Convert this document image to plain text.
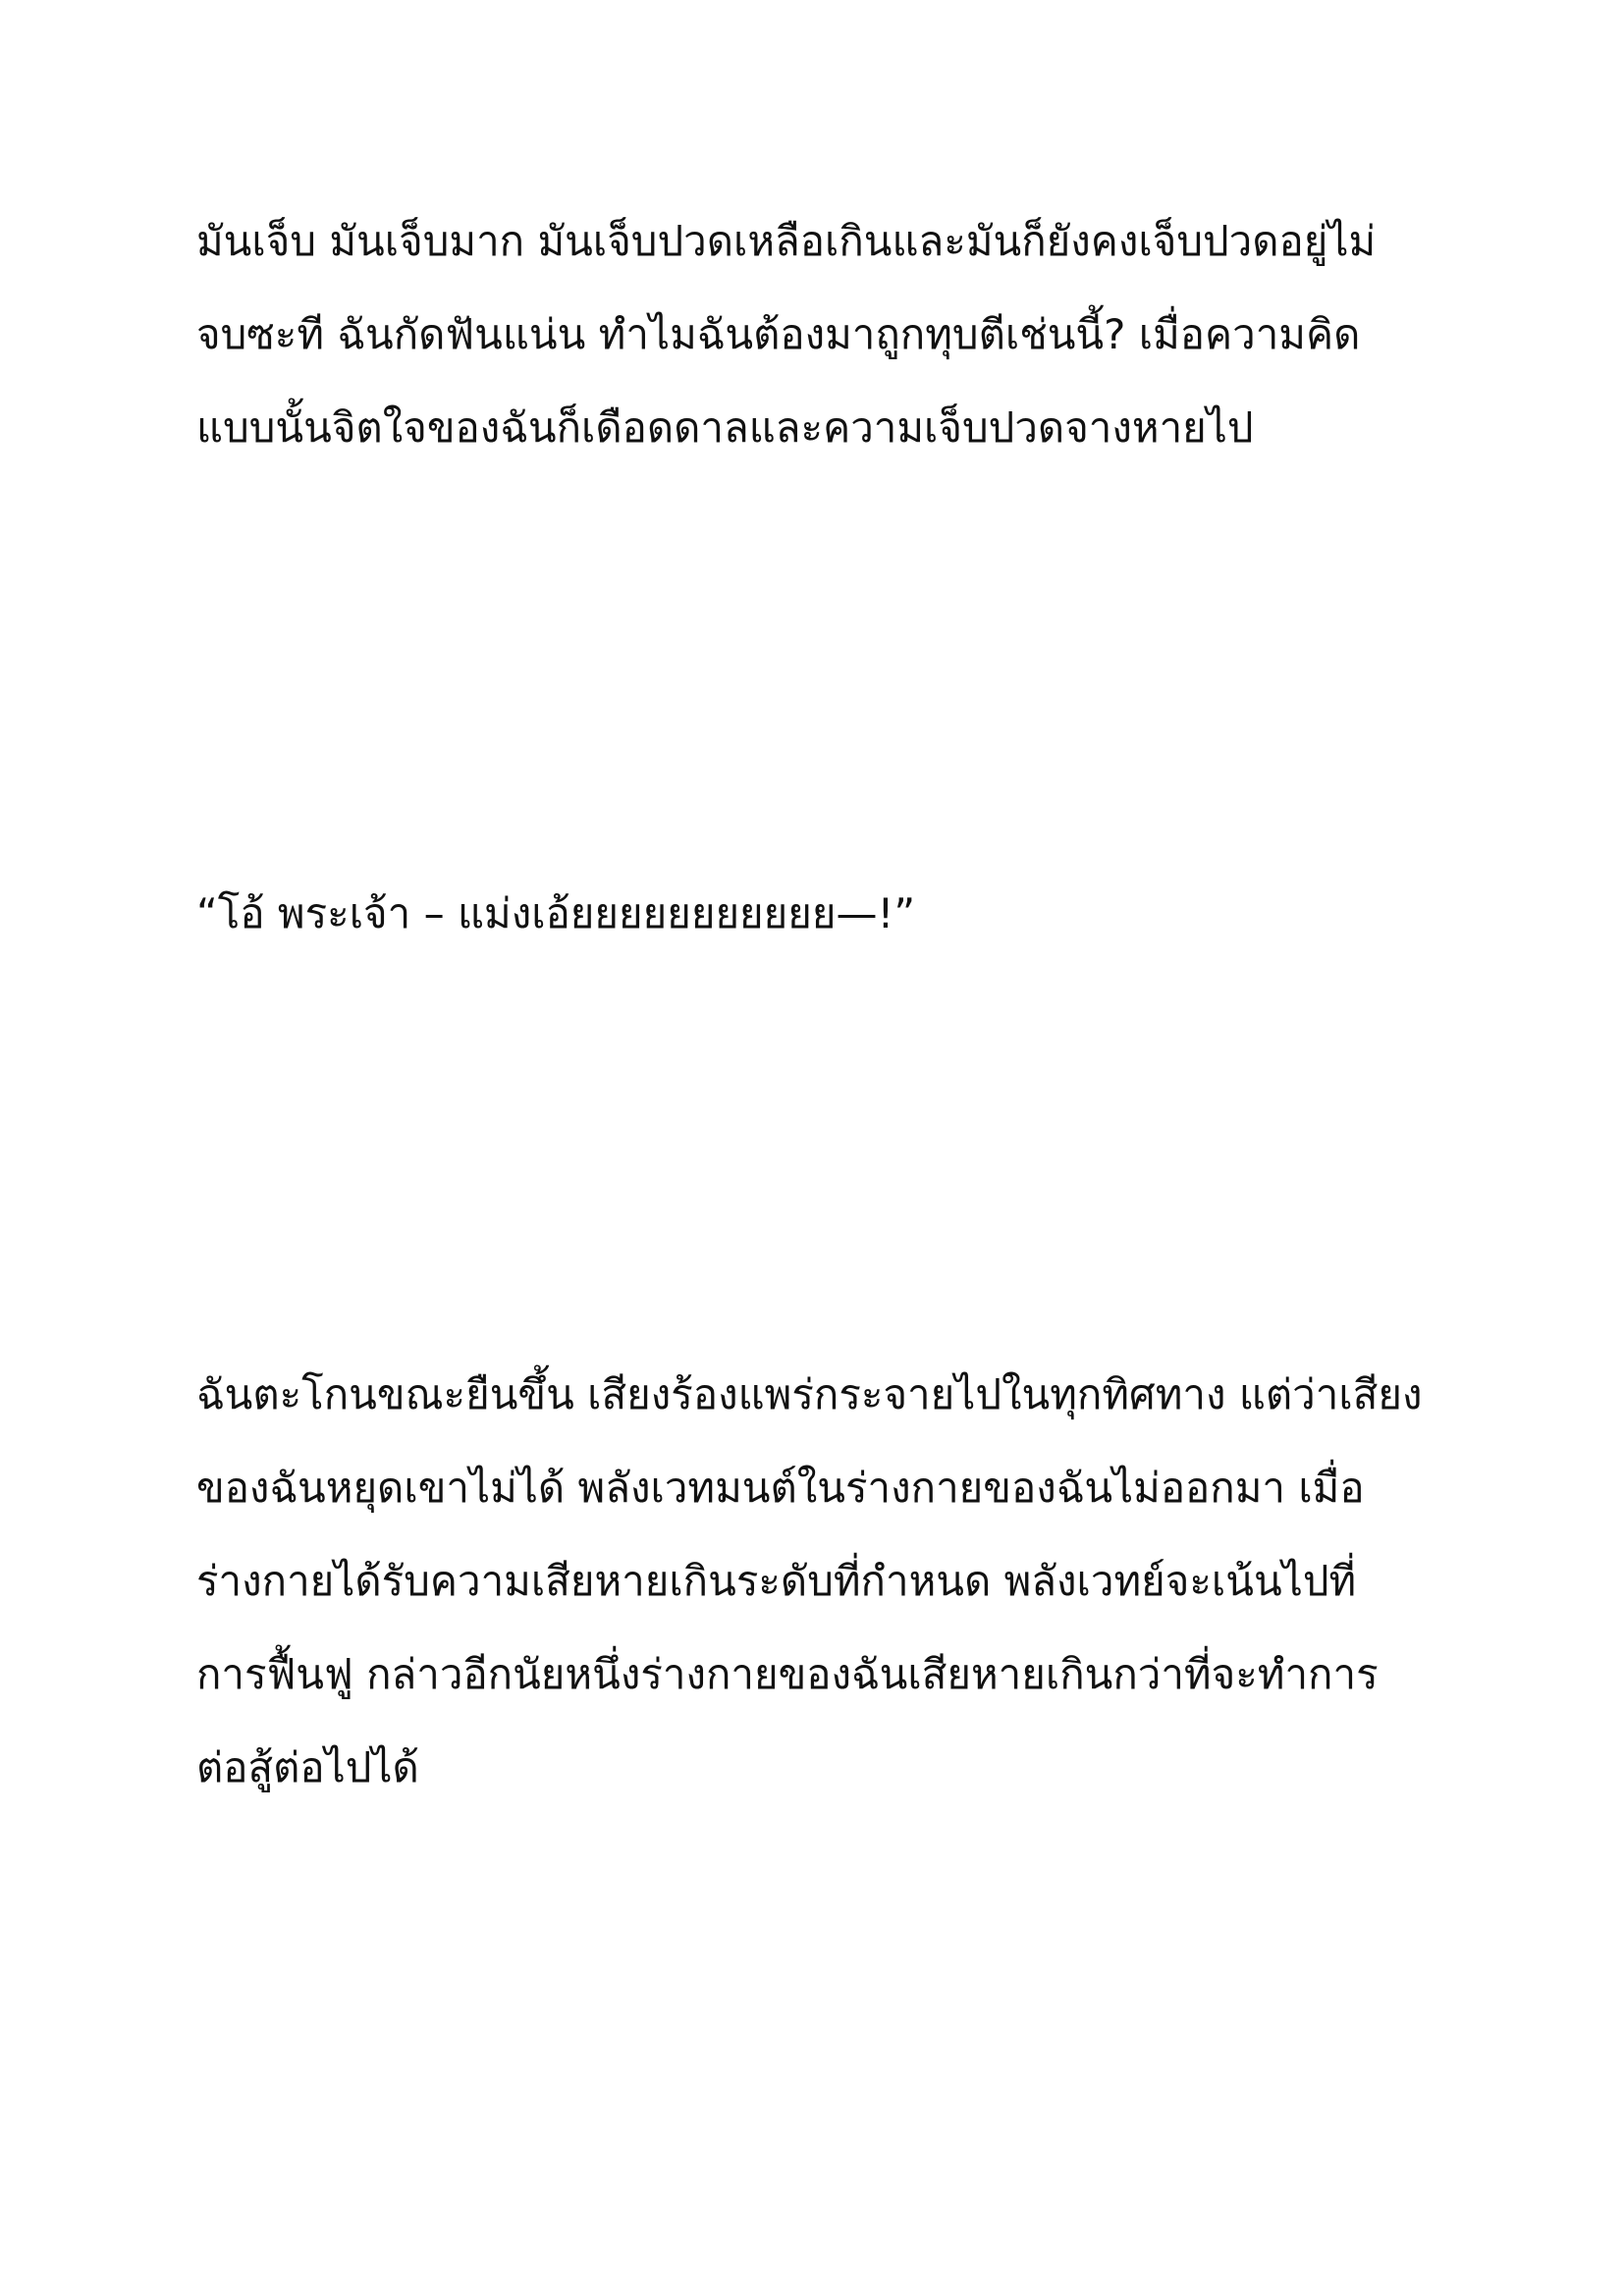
มันเจ็บ มันเจ็บมาก มันเจ็บปวดเหลือเกินและมันก็ยังคงเจ็บปวดอยู่ไม่
จบซะที ฉันกัดฟันแน่น ทำไมฉันต้องมาถูกทุบตีเช่นนี้? เมื่อความคิด
แบบนั้นจิตใจของฉันก็เดือดดาลและความเจ็บปวดจางหายไป
“โอ้ พระเจ้า – แม่งเอ้ยยยยยยยยยยย—!”
ฉันตะโกนขณะยืนขึ้น เสียงร้องแพร่กระจายไปในทุกทิศทาง แต่ว่าเสียง
ของฉันหยุดเขาไม่ได้ พลังเวทมนต์ในร่างกายของฉันไม่ออกมา เมื่อ
ร่างกายได้รับความเสียหายเกินระดับที่กำหนด พลังเวทย์จะเน้นไปที่
การฟื้นฟู กล่าวอีกนัยหนึ่งร่างกายของฉันเสียหายเกินกว่าที่จะทำการ
ต่อสู้ต่อไปได้
